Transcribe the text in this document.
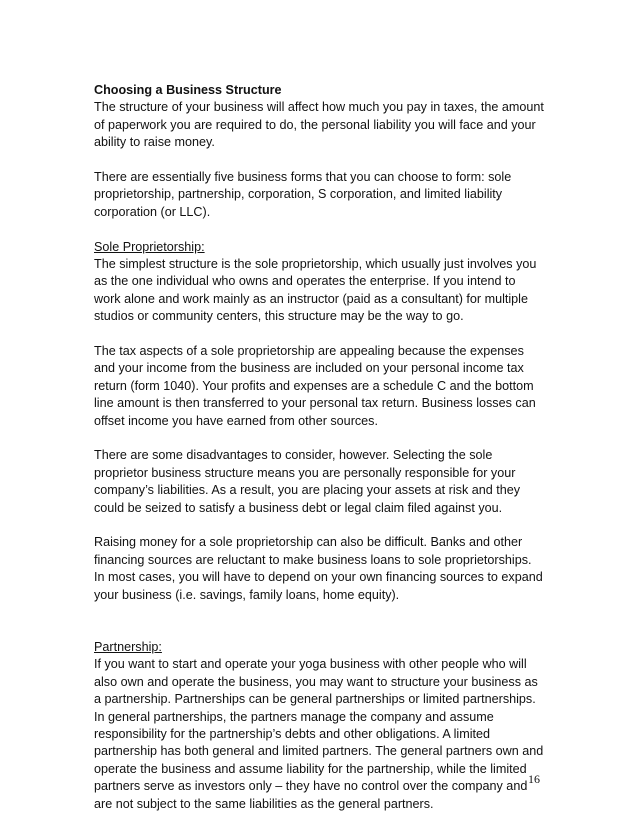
Choosing a Business Structure
The structure of your business will affect how much you pay in taxes, the amount
of paperwork you are required to do, the personal liability you will face and your
ability to raise money.
There are essentially five business forms that you can choose to form: sole
proprietorship, partnership, corporation, S corporation, and limited liability
corporation (or LLC).
Sole Proprietorship:
The simplest structure is the sole proprietorship, which usually just involves you
as the one individual who owns and operates the enterprise. If you intend to
work alone and work mainly as an instructor (paid as a consultant) for multiple
studios or community centers, this structure may be the way to go.
The tax aspects of a sole proprietorship are appealing because the expenses
and your income from the business are included on your personal income tax
return (form 1040). Your profits and expenses are a schedule C and the bottom
line amount is then transferred to your personal tax return. Business losses can
offset income you have earned from other sources.
There are some disadvantages to consider, however. Selecting the sole
proprietor business structure means you are personally responsible for your
company’s liabilities. As a result, you are placing your assets at risk and they
could be seized to satisfy a business debt or legal claim filed against you.
Raising money for a sole proprietorship can also be difficult. Banks and other
financing sources are reluctant to make business loans to sole proprietorships.
In most cases, you will have to depend on your own financing sources to expand
your business (i.e. savings, family loans, home equity).
Partnership:
If you want to start and operate your yoga business with other people who will
also own and operate the business, you may want to structure your business as
a partnership. Partnerships can be general partnerships or limited partnerships.
In general partnerships, the partners manage the company and assume
responsibility for the partnership’s debts and other obligations. A limited
partnership has both general and limited partners. The general partners own and
operate the business and assume liability for the partnership, while the limited
partners serve as investors only – they have no control over the company and
are not subject to the same liabilities as the general partners.
16
